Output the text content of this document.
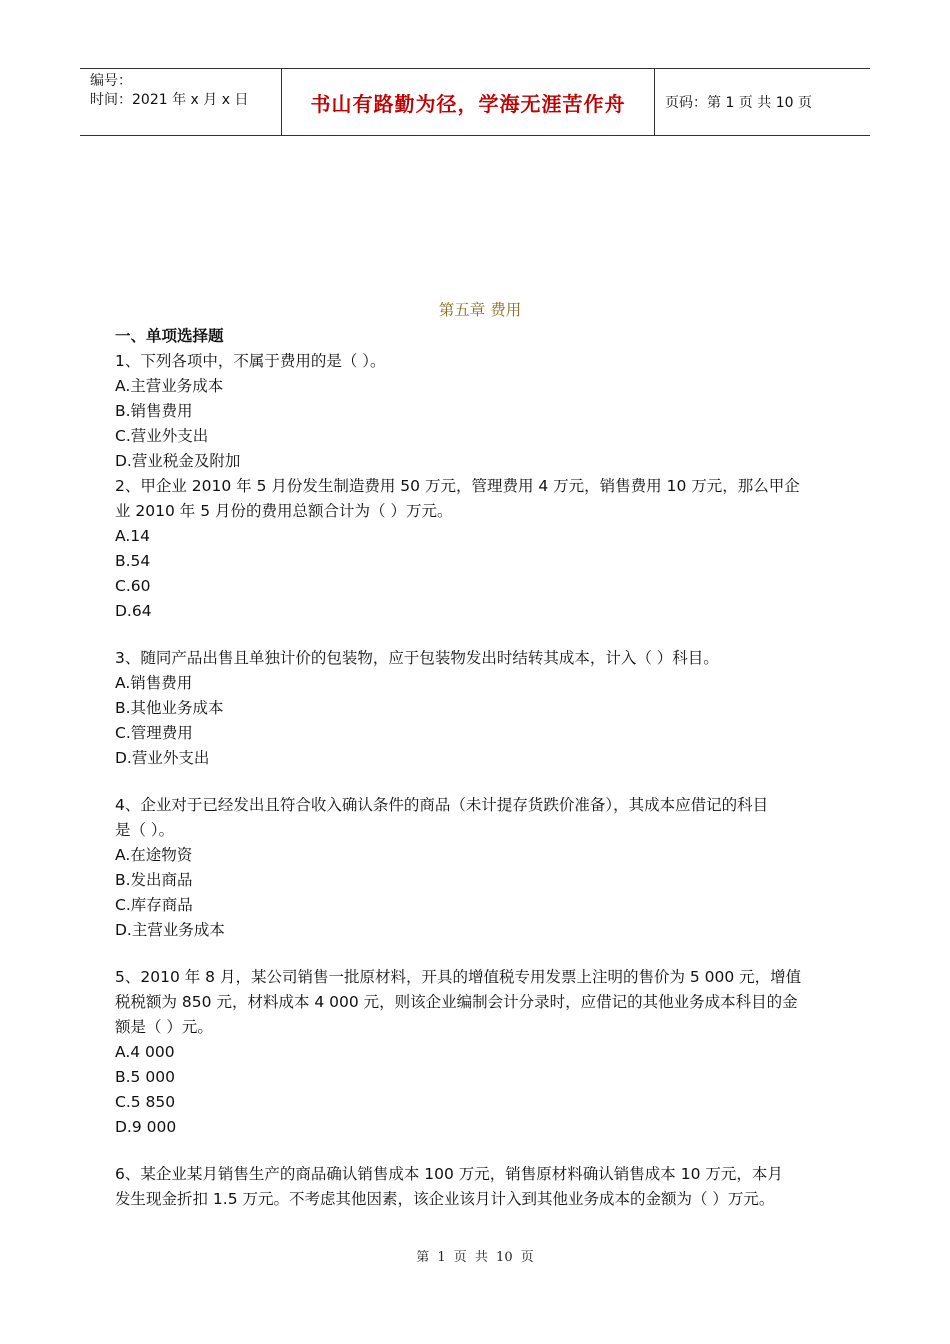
编号：
时间：2021 年 x 月 x 日	书山有路勤为径，学海无涯苦作舟	页码：第 1 页 共 10 页
第五章 费用
一、单项选择题
1、下列各项中，不属于费用的是（ ）。
A.主营业务成本
B.销售费用
C.营业外支出
D.营业税金及附加
2、甲企业 2010 年 5 月份发生制造费用 50 万元，管理费用 4 万元，销售费用 10 万元，那么甲企
业 2010 年 5 月份的费用总额合计为（ ）万元。
A.14
B.54
C.60
D.64
3、随同产品出售且单独计价的包装物，应于包装物发出时结转其成本，计入（ ）科目。
A.销售费用
B.其他业务成本
C.管理费用
D.营业外支出
4、企业对于已经发出且符合收入确认条件的商品（未计提存货跌价准备），其成本应借记的科目
是（ ）。
A.在途物资
B.发出商品
C.库存商品
D.主营业务成本
5、2010 年 8 月，某公司销售一批原材料，开具的增值税专用发票上注明的售价为 5 000 元，增值
税税额为 850 元，材料成本 4 000 元，则该企业编制会计分录时，应借记的其他业务成本科目的金
额是（ ）元。
A.4 000
B.5 000
C.5 850
D.9 000
6、某企业某月销售生产的商品确认销售成本 100 万元，销售原材料确认销售成本 10 万元，本月
发生现金折扣 1.5 万元。不考虑其他因素，该企业该月计入到其他业务成本的金额为（ ）万元。
第 1 页 共 10 页
